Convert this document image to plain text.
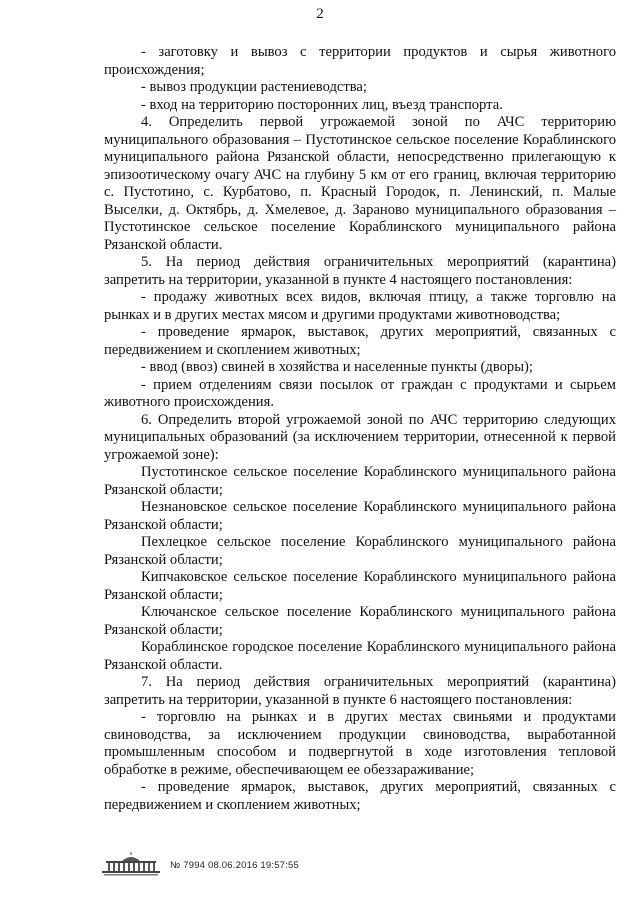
2

- заготовку и вывоз с территории продуктов и сырья животного происхождения;

- вывоз продукции растениеводства;

- вход на территорию посторонних лиц, въезд транспорта.

4. Определить первой угрожаемой зоной по АЧС территорию муниципального образования – Пустотинское сельское поселение Кораблинского муниципального района Рязанской области, непосредственно прилегающую к эпизоотическому очагу АЧС на глубину 5 км от его границ, включая территорию с. Пустотино, с. Курбатово, п. Красный Городок, п. Ленинский, п. Малые Выселки, д. Октябрь, д. Хмелевое, д. Зараново муниципального образования – Пустотинское сельское поселение Кораблинского муниципального района Рязанской области.

5. На период действия ограничительных мероприятий (карантина) запретить на территории, указанной в пункте 4 настоящего постановления:

- продажу животных всех видов, включая птицу, а также торговлю на рынках и в других местах мясом и другими продуктами животноводства;

- проведение ярмарок, выставок, других мероприятий, связанных с передвижением и скоплением животных;

- ввод (ввоз) свиней в хозяйства и населенные пункты (дворы);

- прием отделениям связи посылок от граждан с продуктами и сырьем животного происхождения.

6. Определить второй угрожаемой зоной по АЧС территорию следующих муниципальных образований (за исключением территории, отнесенной к первой угрожаемой зоне):

Пустотинское сельское поселение Кораблинского муниципального района Рязанской области;

Незнановское сельское поселение Кораблинского муниципального района Рязанской области;

Пехлецкое сельское поселение Кораблинского муниципального района Рязанской области;

Кипчаковское сельское поселение Кораблинского муниципального района Рязанской области;

Ключанское сельское поселение Кораблинского муниципального района Рязанской области;

Кораблинское городское поселение Кораблинского муниципального района Рязанской области.

7. На период действия ограничительных мероприятий (карантина) запретить на территории, указанной в пункте 6 настоящего постановления:

- торговлю на рынках и в других местах свиньями и продуктами свиноводства, за исключением продукции свиноводства, выработанной промышленным способом и подвергнутой в ходе изготовления тепловой обработке в режиме, обеспечивающем ее обеззараживание;

- проведение ярмарок, выставок, других мероприятий, связанных с передвижением и скоплением животных;

№ 7994 08.06.2016 19:57:55
